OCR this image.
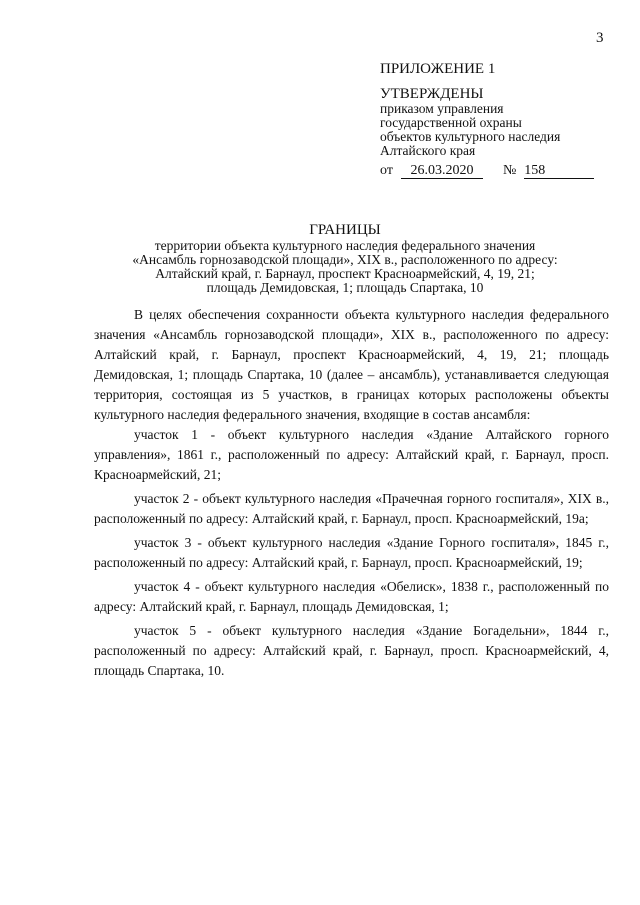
3
ПРИЛОЖЕНИЕ 1
УТВЕРЖДЕНЫ
приказом управления
государственной охраны
объектов культурного наследия
Алтайского края
от 26.03.2020 № 158
ГРАНИЦЫ
территории объекта культурного наследия федерального значения
«Ансамбль горнозаводской площади», XIX в., расположенного по адресу:
Алтайский край, г. Барнаул, проспект Красноармейский, 4, 19, 21;
площадь Демидовская, 1; площадь Спартака, 10

В целях обеспечения сохранности объекта культурного наследия федерального значения «Ансамбль горнозаводской площади», XIX в., расположенного по адресу: Алтайский край, г. Барнаул, проспект Красноармейский, 4, 19, 21; площадь Демидовская, 1; площадь Спартака, 10 (далее – ансамбль), устанавливается следующая территория, состоящая из 5 участков, в границах которых расположены объекты культурного наследия федерального значения, входящие в состав ансамбля:

участок 1 - объект культурного наследия «Здание Алтайского горного управления», 1861 г., расположенный по адресу: Алтайский край, г. Барнаул, просп. Красноармейский, 21;

участок 2 - объект культурного наследия «Прачечная горного госпиталя», XIX в., расположенный по адресу: Алтайский край, г. Барнаул, просп. Красноармейский, 19а;

участок 3 - объект культурного наследия «Здание Горного госпиталя», 1845 г., расположенный по адресу: Алтайский край, г. Барнаул, просп. Красноармейский, 19;

участок 4 - объект культурного наследия «Обелиск», 1838 г., расположенный по адресу: Алтайский край, г. Барнаул, площадь Демидовская, 1;

участок 5 - объект культурного наследия «Здание Богадельни», 1844 г., расположенный по адресу: Алтайский край, г. Барнаул, просп. Красноармейский, 4, площадь Спартака, 10.
